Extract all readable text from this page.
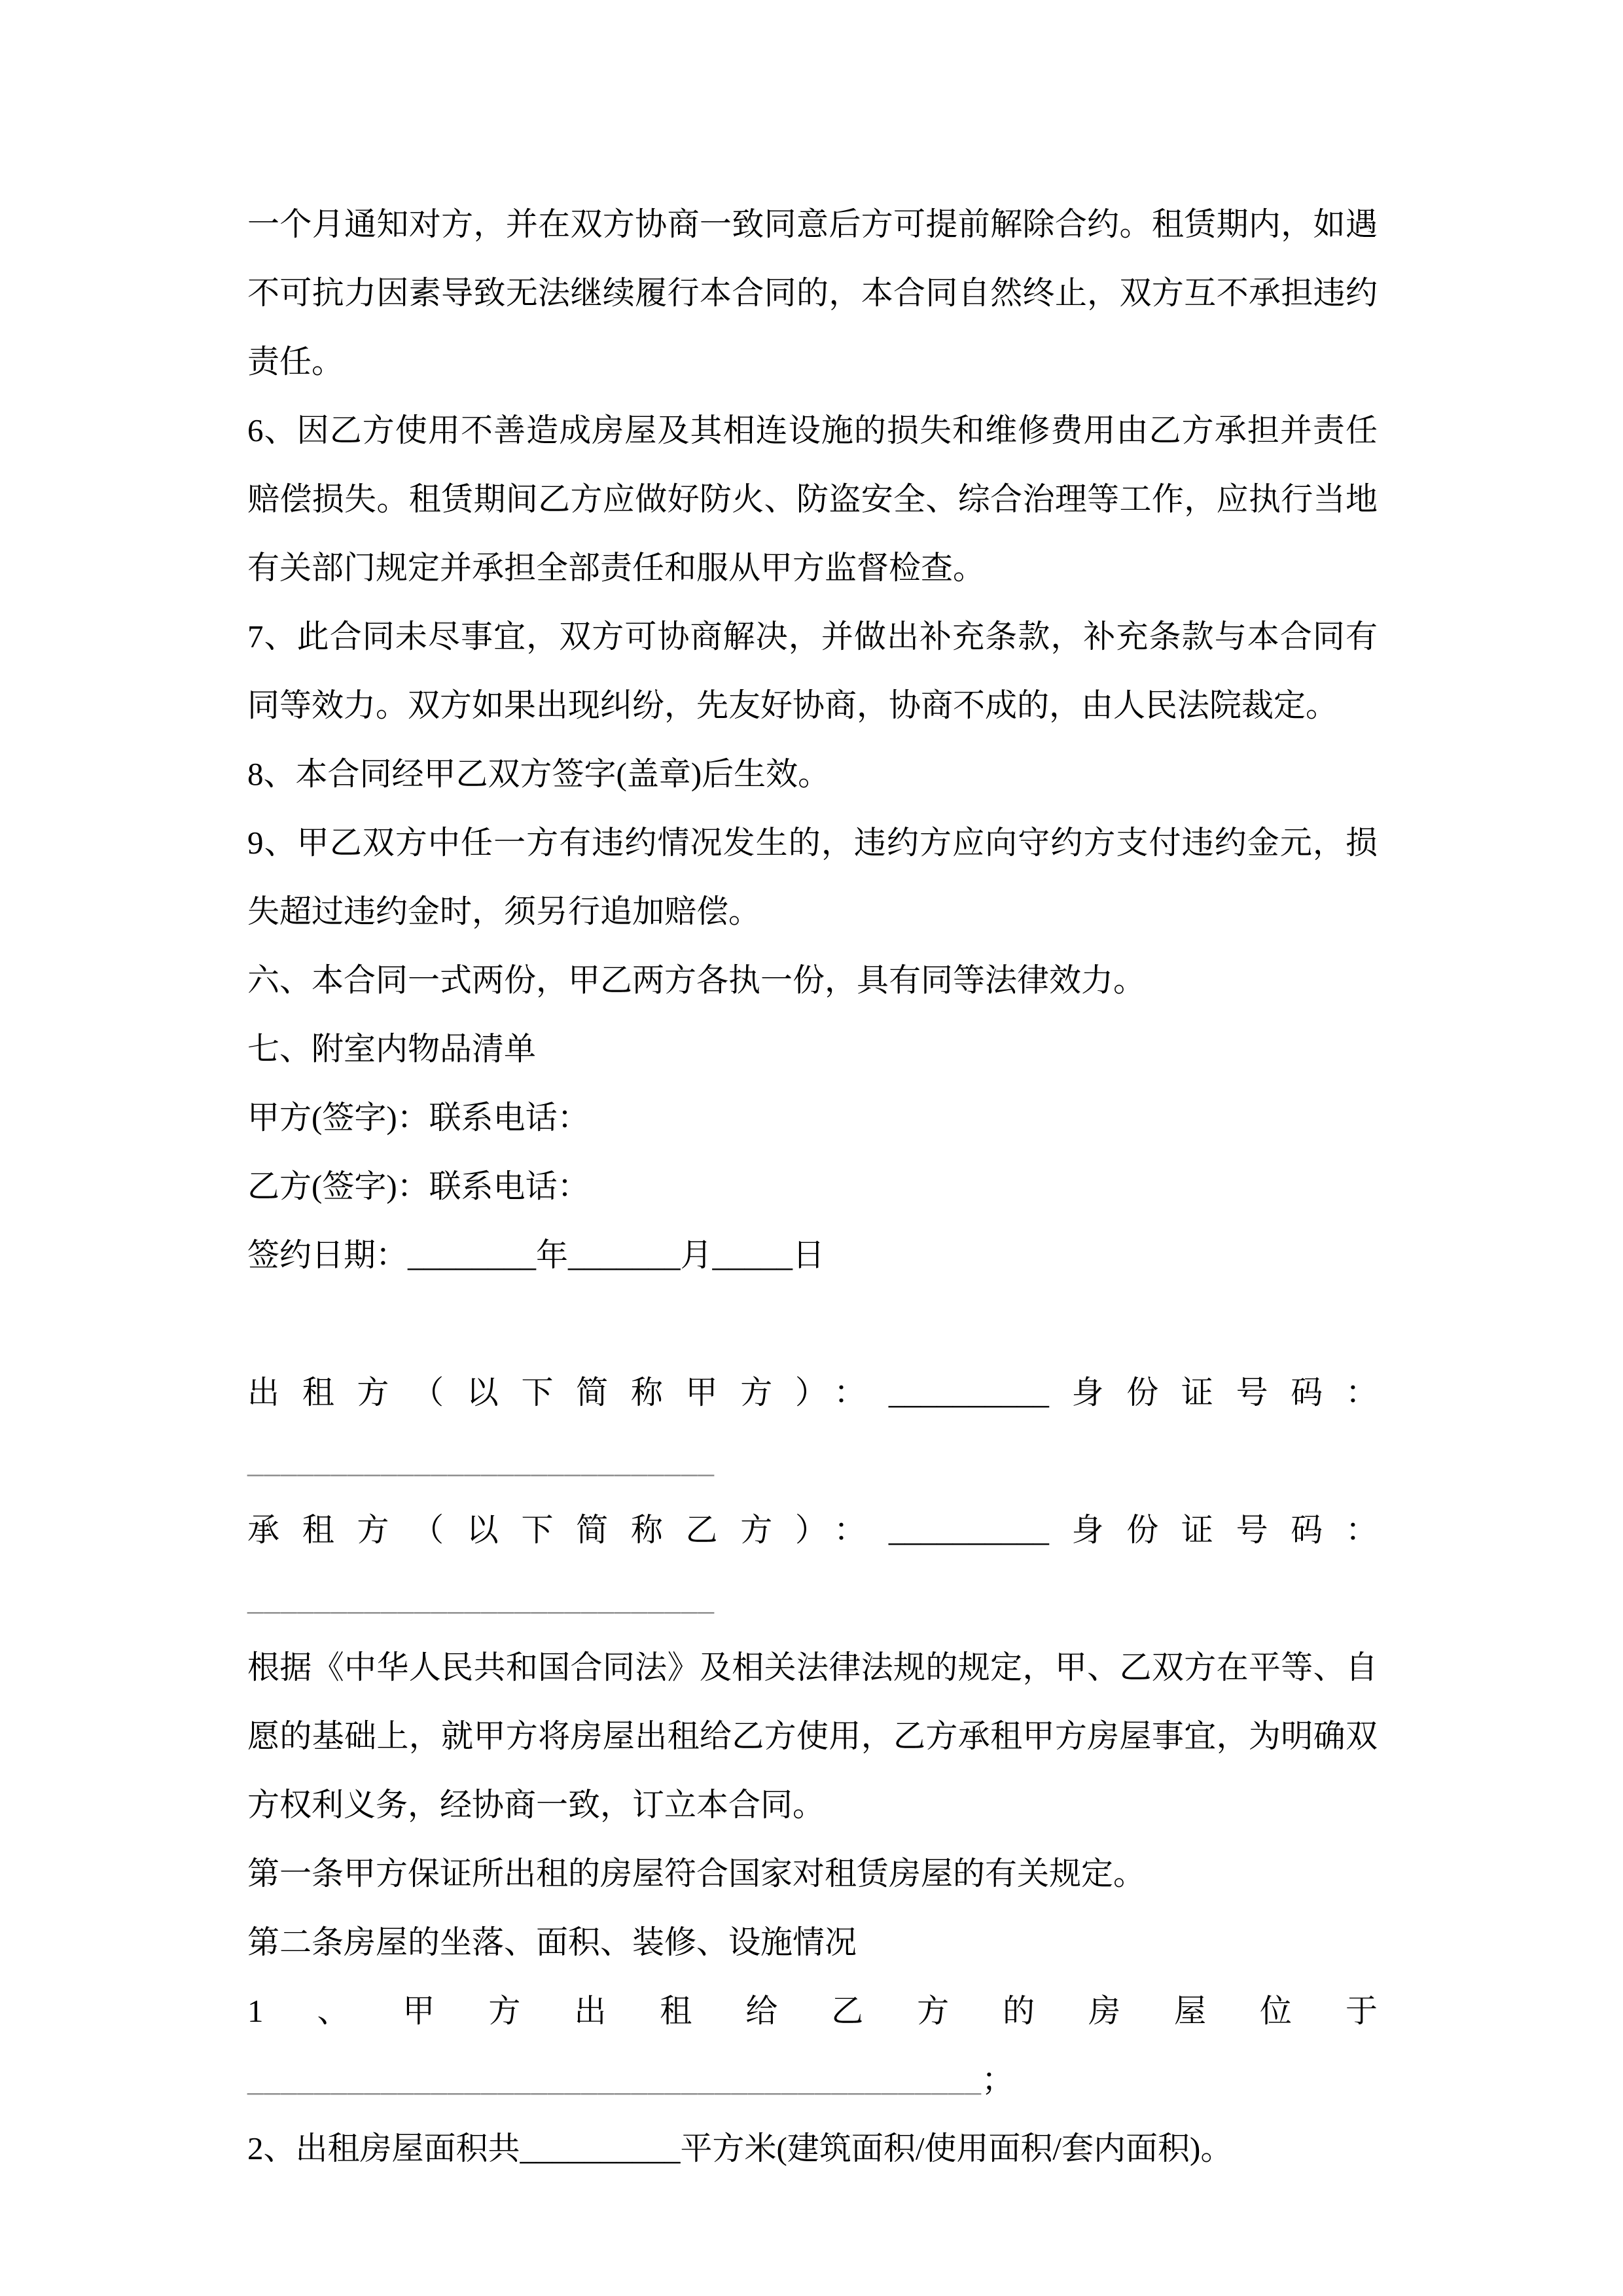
一个月通知对方，并在双方协商一致同意后方可提前解除合约。租赁期内，如遇不可抗力因素导致无法继续履行本合同的，本合同自然终止，双方互不承担违约责任。

6、因乙方使用不善造成房屋及其相连设施的损失和维修费用由乙方承担并责任赔偿损失。租赁期间乙方应做好防火、防盗安全、综合治理等工作，应执行当地有关部门规定并承担全部责任和服从甲方监督检查。

7、此合同未尽事宜，双方可协商解决，并做出补充条款，补充条款与本合同有同等效力。双方如果出现纠纷，先友好协商，协商不成的，由人民法院裁定。

8、本合同经甲乙双方签字(盖章)后生效。

9、甲乙双方中任一方有违约情况发生的，违约方应向守约方支付违约金元，损失超过违约金时，须另行追加赔偿。

六、本合同一式两份，甲乙两方各执一份，具有同等法律效力。

七、附室内物品清单

甲方(签字)：联系电话：

乙方(签字)：联系电话：

签约日期：________年_______月_____日

出租方（以下简称甲方）：__________身份证号码：

____________________________

承租方（以下简称乙方）：__________身份证号码：

____________________________

根据《中华人民共和国合同法》及相关法律法规的规定，甲、乙双方在平等、自愿的基础上，就甲方将房屋出租给乙方使用，乙方承租甲方房屋事宜，为明确双方权利义务，经协商一致，订立本合同。

第一条甲方保证所出租的房屋符合国家对租赁房屋的有关规定。

第二条房屋的坐落、面积、装修、设施情况

1、甲方出租给乙方的房屋位于

____________________________________________；

2、出租房屋面积共__________平方米(建筑面积/使用面积/套内面积)。
